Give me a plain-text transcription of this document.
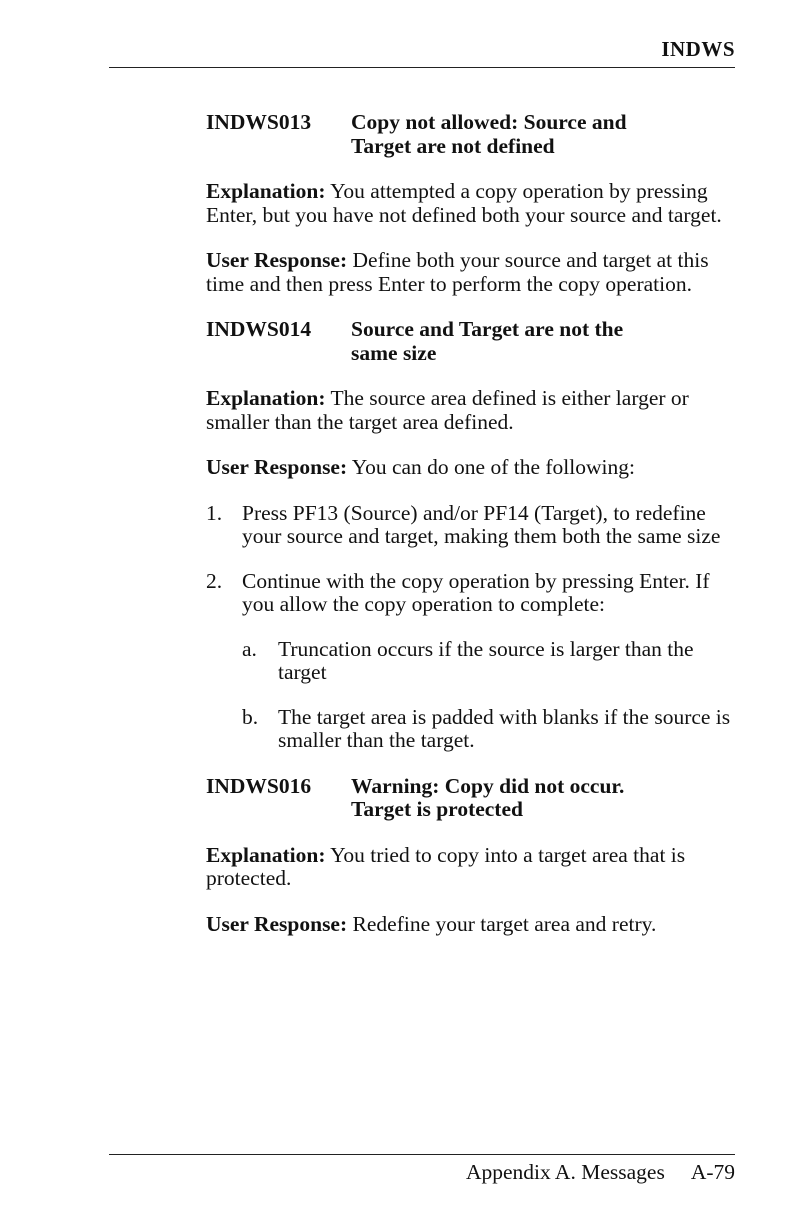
INDWS
INDWS013	Copy not allowed: Source and
Target are not defined

Explanation: You attempted a copy operation by pressing Enter, but you have not defined both your source and target.

User Response: Define both your source and target at this time and then press Enter to perform the copy operation.

INDWS014	Source and Target are not the
same size

Explanation: The source area defined is either larger or smaller than the target area defined.

User Response: You can do one of the following:

1. Press PF13 (Source) and/or PF14 (Target), to redefine your source and target, making them both the same size
2. Continue with the copy operation by pressing Enter. If you allow the copy operation to complete:
a. Truncation occurs if the source is larger than the target
b. The target area is padded with blanks if the source is smaller than the target.
INDWS016	Warning: Copy did not occur.
Target is protected

Explanation: You tried to copy into a target area that is protected.

User Response: Redefine your target area and retry.

Appendix A. Messages A-79
